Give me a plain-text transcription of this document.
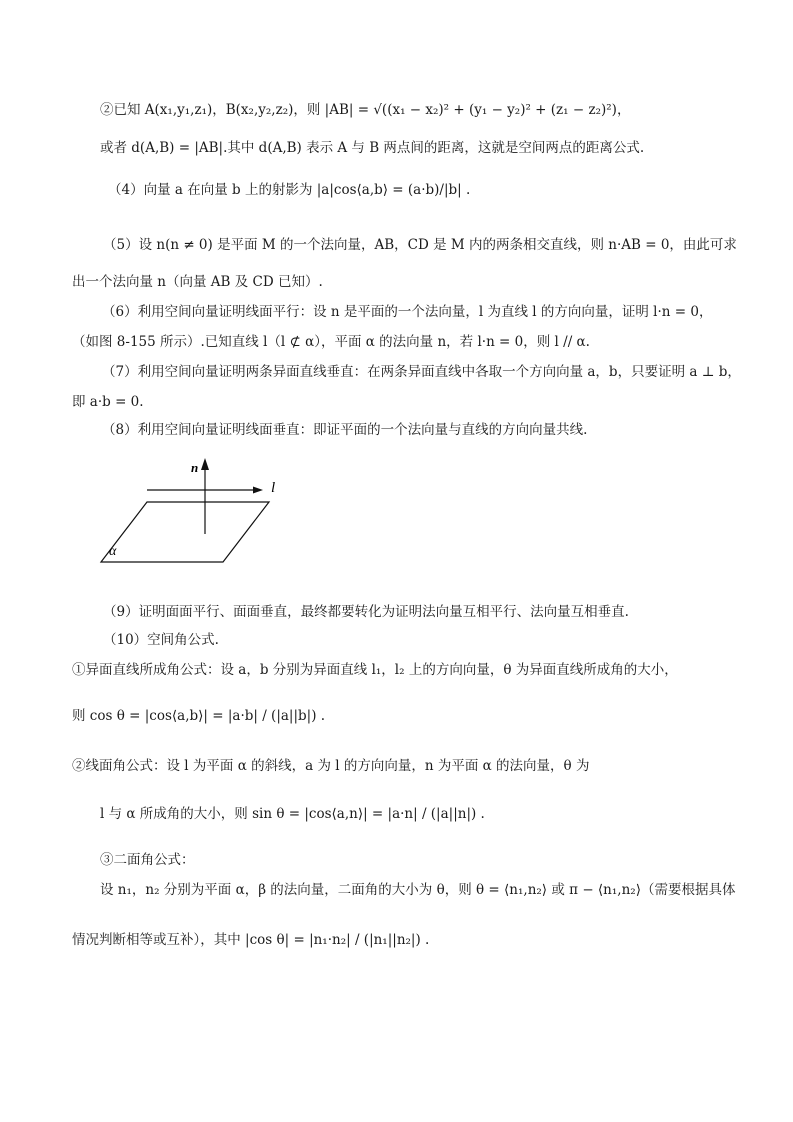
②已知 A(x₁,y₁,z₁)，B(x₂,y₂,z₂)，则 |AB| = √((x₁ − x₂)² + (y₁ − y₂)² + (z₁ − z₂)²)，
或者 d(A,B) = |AB|.其中 d(A,B) 表示 A 与 B 两点间的距离，这就是空间两点的距离公式.
（4）向量 a 在向量 b 上的射影为 |a|cos⟨a,b⟩ = (a·b)/|b| .
（5）设 n(n ≠ 0) 是平面 M 的一个法向量，AB，CD 是 M 内的两条相交直线，则 n·AB = 0，由此可求
出一个法向量 n（向量 AB 及 CD 已知）.
（6）利用空间向量证明线面平行：设 n 是平面的一个法向量，l 为直线 l 的方向向量，证明 l·n = 0，
（如图 8-155 所示）.已知直线 l（l ⊄ α），平面 α 的法向量 n，若 l·n = 0，则 l // α.
（7）利用空间向量证明两条异面直线垂直：在两条异面直线中各取一个方向向量 a，b，只要证明 a ⊥ b，
即 a·b = 0.
（8）利用空间向量证明线面垂直：即证平面的一个法向量与直线的方向向量共线.
n
l
α
（9）证明面面平行、面面垂直，最终都要转化为证明法向量互相平行、法向量互相垂直.
（10）空间角公式.
①异面直线所成角公式：设 a，b 分别为异面直线 l₁，l₂ 上的方向向量，θ 为异面直线所成角的大小，
则 cos θ = |cos⟨a,b⟩| = |a·b| / (|a||b|) .
②线面角公式：设 l 为平面 α 的斜线，a 为 l 的方向向量，n 为平面 α 的法向量，θ 为
l 与 α 所成角的大小，则 sin θ = |cos⟨a,n⟩| = |a·n| / (|a||n|) .
③二面角公式：
设 n₁，n₂ 分别为平面 α，β 的法向量，二面角的大小为 θ，则 θ = ⟨n₁,n₂⟩ 或 π − ⟨n₁,n₂⟩（需要根据具体
情况判断相等或互补），其中 |cos θ| = |n₁·n₂| / (|n₁||n₂|) .
